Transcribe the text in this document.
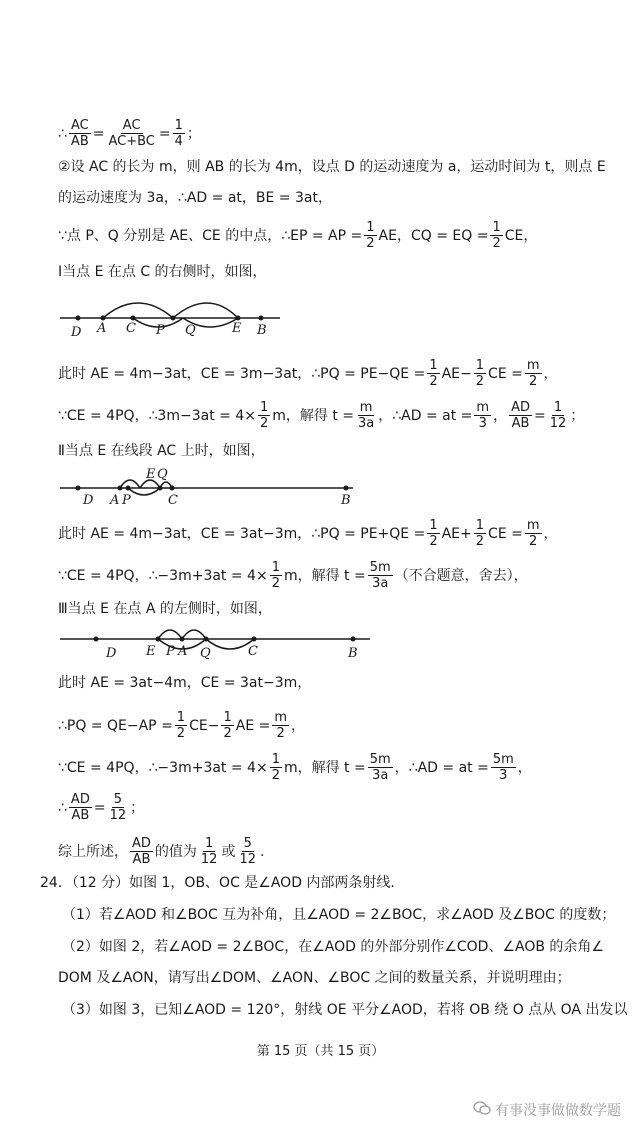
∴ $\frac{AC}{AB} = \frac{AC}{AC+BC} = \frac{1}{4}$ ；
②设 AC 的长为 m，则 AB 的长为 4m，设点 D 的运动速度为 a，运动时间为 t，则点 E
的运动速度为 3a，∴AD = at，BE = 3at，
∵点 P、Q 分别是 AE、CE 的中点，∴EP = AP = $\frac{1}{2}$ AE，CQ = EQ = $\frac{1}{2}$ CE，
Ⅰ当点 E 在点 C 的右侧时，如图，
D A C P Q	E B
此时 AE = 4m−3at，CE = 3m−3at，∴PQ = $PE-QE = \frac{1}{2} AE- \frac{1}{2}$ CE = $\frac{m}{2}$ ，
∵CE = 4PQ，∴3m−3at = $4\times \frac{1}{2}$ m，解得 $t = \frac{m}{3a}$ ，∴AD = at = $\frac{m}{3}$ ， $\frac{AD}{AB} = \frac{1}{12}$ ；
Ⅱ当点 E 在线段 AC 上时，如图，
D A P
E Q
C	B
此时 AE = 4m−3at，CE = 3at−3m，∴PQ = $PE+QE = \frac{1}{2} AE+ \frac{1}{2}$ CE = $\frac{m}{2}$ ，
∵CE = 4PQ，∴−3m+3at = $4\times \frac{1}{2}$ m，解得 $t = \frac{5m}{3a}$ （不合题意，舍去），
Ⅲ当点 E 在点 A 的左侧时，如图，
D E P A Q	C	B
此时 AE = 3at−4m，CE = 3at−3m，
∴PQ = $QE-AP = \frac{1}{2} CE- \frac{1}{2}$ AE = $\frac{m}{2}$ ，
∵CE = 4PQ，∴−3m+3at = $4\times \frac{1}{2}$ m，解得 $t = \frac{5m}{3a}$ ，∴AD = at = $\frac{5m}{3}$ ，
∴ $\frac{AD}{AB} = \frac{5}{12}$ ；
综上所述， $\frac{AD}{AB}$ 的值为 $\frac{1}{12}$ 或 $\frac{5}{12}$ .
24．（12 分）如图 1，OB、OC 是∠AOD 内部两条射线．
（1）若∠AOD 和∠BOC 互为补角，且∠AOD = 2∠BOC，求∠AOD 及∠BOC 的度数；
（2）如图 2，若∠AOD = 2∠BOC，在∠AOD 的外部分别作∠COD、∠AOB 的余角∠
DOM 及∠AON，请写出∠DOM、∠AON、∠BOC 之间的数量关系，并说明理由；
（3）如图 3，已知∠AOD = 120°，射线 OE 平分∠AOD，若将 OB 绕 O 点从 OA 出发以
第 15 页（共 15 页）
有事没事做做数学题
